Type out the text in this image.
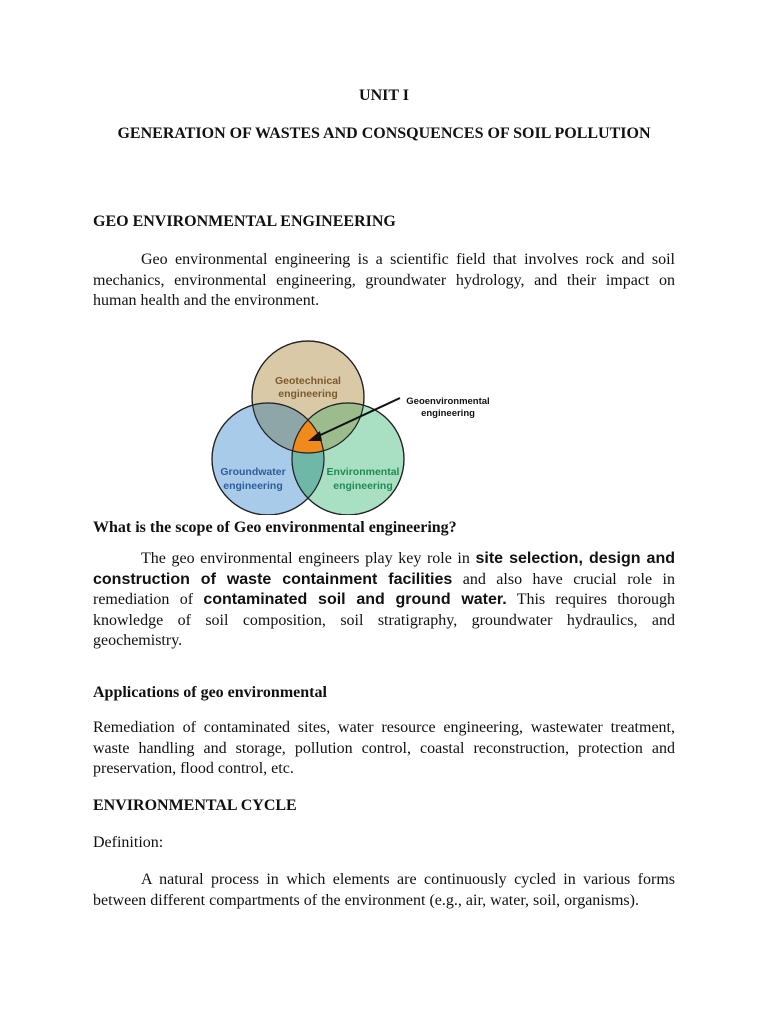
UNIT I
GENERATION OF WASTES AND CONSQUENCES OF SOIL POLLUTION
GEO ENVIRONMENTAL ENGINEERING

Geo environmental engineering is a scientific field that involves rock and soil mechanics, environmental engineering, groundwater hydrology, and their impact on human health and the environment.

Geotechnical
engineering
Groundwater
engineering
Environmental
engineering
Geoenvironmental
engineering
What is the scope of Geo environmental engineering?

The geo environmental engineers play key role in site selection, design and construction of waste containment facilities and also have crucial role in remediation of contaminated soil and ground water. This requires thorough knowledge of soil composition, soil stratigraphy, groundwater hydraulics, and geochemistry.

Applications of geo environmental

Remediation of contaminated sites, water resource engineering, wastewater treatment, waste handling and storage, pollution control, coastal reconstruction, protection and preservation, flood control, etc.

ENVIRONMENTAL CYCLE
Definition:

A natural process in which elements are continuously cycled in various forms between different compartments of the environment (e.g., air, water, soil, organisms).
